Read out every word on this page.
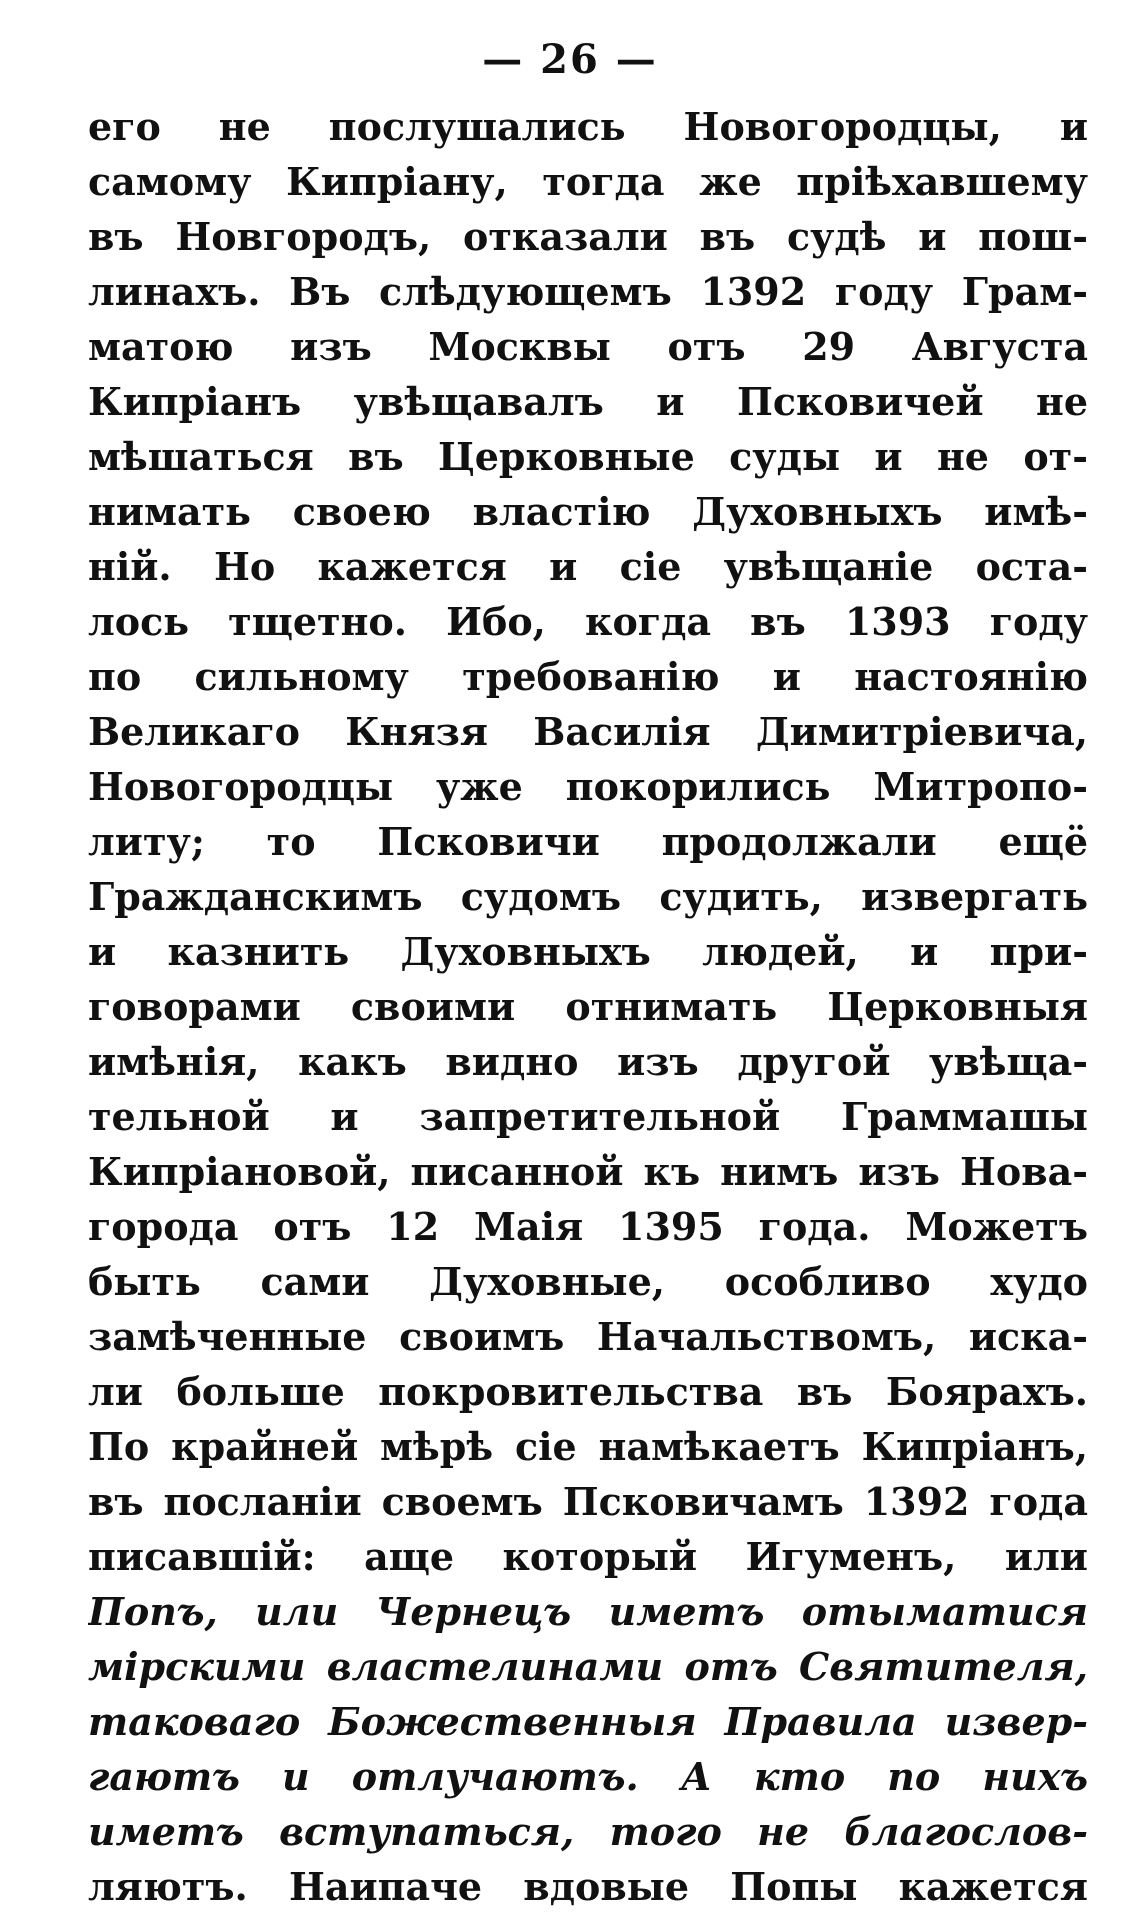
— 26 —
его не послушались Новогородцы, и
самому Кипріану, тогда же пріѣхавшему
въ Новгородъ, отказали въ судѣ и пош-
линахъ. Въ слѣдующемъ 1392 году Грам-
матою изъ Москвы отъ 29 Августа
Кипріанъ увѣщавалъ и Псковичей не
мѣшаться въ Церковные суды и не от-
нимать своею властію Духовныхъ имѣ-
ній. Но кажется и сіе увѣщаніе оста-
лось тщетно. Ибо, когда въ 1393 году
по сильному требованію и настоянію
Великаго Князя Василія Димитріевича,
Новогородцы уже покорились Митропо-
литу; то Псковичи продолжали ещё
Гражданскимъ судомъ судить, извергать
и казнить Духовныхъ людей, и при-
говорами своими отнимать Церковныя
имѣнія, какъ видно изъ другой увѣща-
тельной и запретительной Граммашы
Кипріановой, писанной къ нимъ изъ Нова-
города отъ 12 Маія 1395 года. Можетъ
быть сами Духовные, особливо худо
замѣченные своимъ Начальствомъ, иска-
ли больше покровительства въ Боярахъ.
По крайней мѣрѣ сіе намѣкаетъ Кипріанъ,
въ посланіи своемъ Псковичамъ 1392 года
писавшій: аще который Игуменъ, или
Попъ, или Чернецъ иметъ отыматися
мірскими властелинами отъ Святителя,
таковаго Божественныя Правила извер-
гаютъ и отлучаютъ. А кто по нихъ
иметъ вступаться, того не благослов-
ляютъ. Наипаче вдовые Попы кажется
